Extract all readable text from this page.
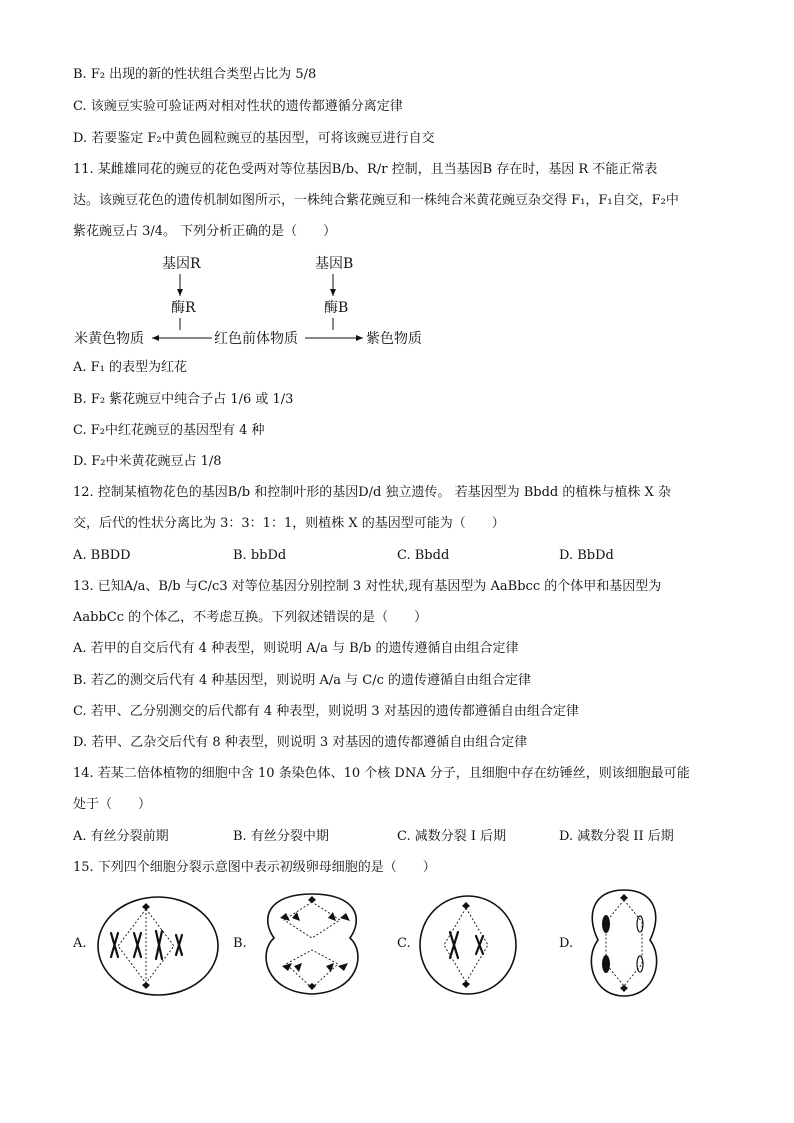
B. F₂ 出现的新的性状组合类型占比为 5/8
C. 该豌豆实验可验证两对相对性状的遗传都遵循分离定律
D. 若要鉴定 F₂中黄色圆粒豌豆的基因型，可将该豌豆进行自交
11. 某雌雄同花的豌豆的花色受两对等位基因B/b、R/r 控制，且当基因B 存在时，基因 R 不能正常表
达。该豌豆花色的遗传机制如图所示，一株纯合紫花豌豆和一株纯合米黄花豌豆杂交得 F₁，F₁自交，F₂中
紫花豌豆占 3/4。 下列分析正确的是（　　）
基因R
酶R
基因B
酶B
米黄色物质	红色前体物质	紫色物质
A. F₁ 的表型为红花
B. F₂ 紫花豌豆中纯合子占 1/6 或 1/3
C. F₂中红花豌豆的基因型有 4 种
D. F₂中米黄花豌豆占 1/8
12. 控制某植物花色的基因B/b 和控制叶形的基因D/d 独立遗传。 若基因型为 Bbdd 的植株与植株 X 杂
交，后代的性状分离比为 3：3：1：1，则植株 X 的基因型可能为（　　）
A. BBDD	B. bbDd	C. Bbdd	D. BbDd
13. 已知A/a、B/b 与C/c3 对等位基因分别控制 3 对性状,现有基因型为 AaBbcc 的个体甲和基因型为
AabbCc 的个体乙，不考虑互换。下列叙述错误的是（　　）
A. 若甲的自交后代有 4 种表型，则说明 A/a 与 B/b 的遗传遵循自由组合定律
B. 若乙的测交后代有 4 种基因型，则说明 A/a 与 C/c 的遗传遵循自由组合定律
C. 若甲、乙分别测交的后代都有 4 种表型，则说明 3 对基因的遗传都遵循自由组合定律
D. 若甲、乙杂交后代有 8 种表型，则说明 3 对基因的遗传都遵循自由组合定律
14. 若某二倍体植物的细胞中含 10 条染色体、10 个核 DNA 分子，且细胞中存在纺锤丝，则该细胞最可能
处于（　　）
A. 有丝分裂前期	B. 有丝分裂中期	C. 减数分裂 I 后期	D. 减数分裂 II 后期
15. 下列四个细胞分裂示意图中表示初级卵母细胞的是（　　）
A.	B.	C.	D.
